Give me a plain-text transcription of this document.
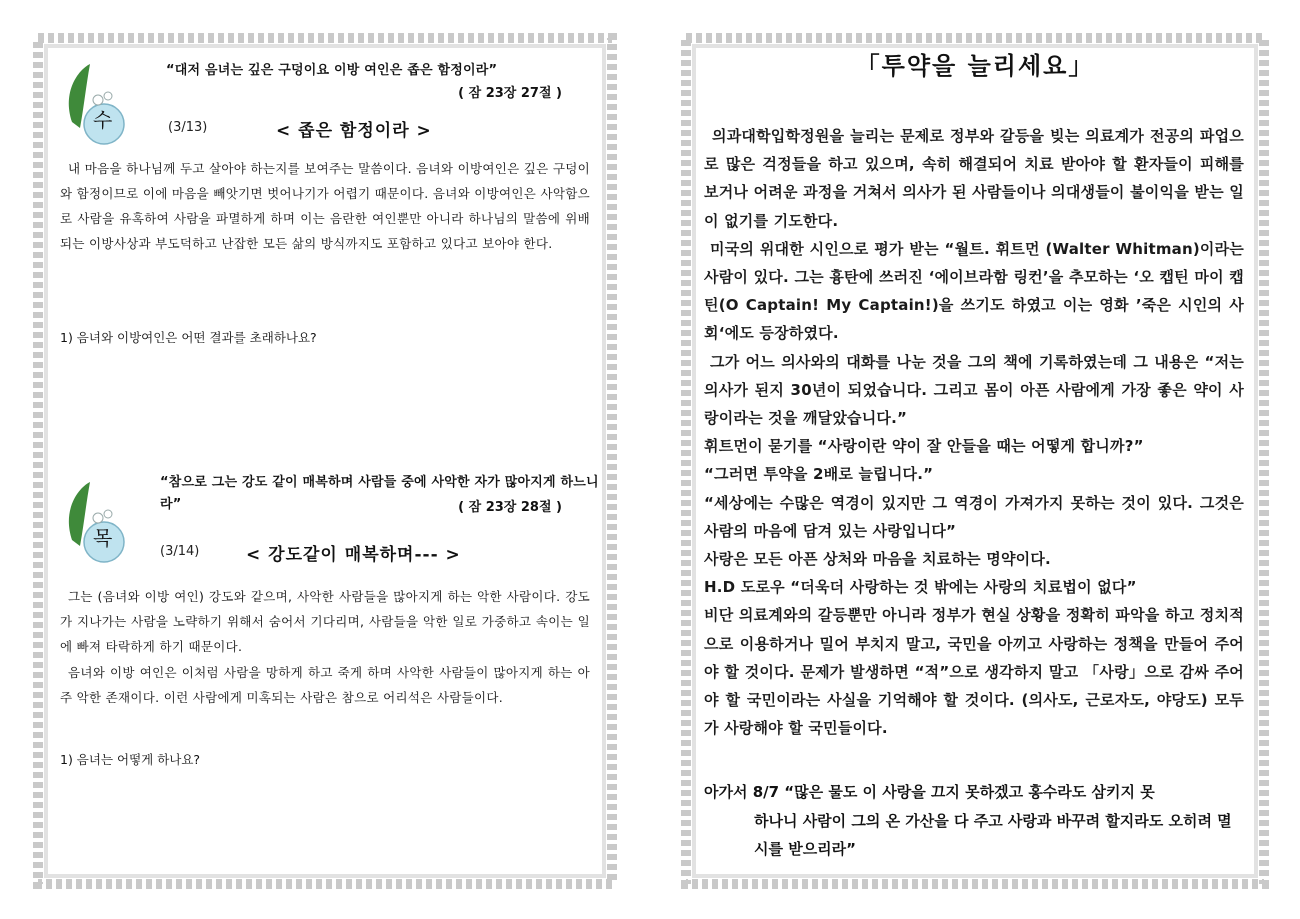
수

“대저 음녀는 깊은 구덩이요 이방 여인은 좁은 함정이라”

( 잠 23장 27절 )

(3/13)	< 좁은 함정이라 >

내 마음을 하나님께 두고 살아야 하는지를 보여주는 말씀이다. 음녀와 이방여인은 깊은 구덩이와 함정이므로 이에 마음을 빼앗기면 벗어나기가 어렵기 때문이다. 음녀와 이방여인은 사악함으로 사람을 유혹하여 사람을 파멸하게 하며 이는 음란한 여인뿐만 아니라 하나님의 말씀에 위배되는 이방사상과 부도덕하고 난잡한 모든 삶의 방식까지도 포함하고 있다고 보아야 한다.

1) 음녀와 이방여인은 어떤 결과를 초래하나요?

목

“참으로 그는 강도 같이 매복하며 사람들 중에 사악한 자가 많아지게 하느니라”	( 잠 23장 28절 )

(3/14)	< 강도같이 매복하며--- >

그는 (음녀와 이방 여인) 강도와 같으며, 사악한 사람들을 많아지게 하는 악한 사람이다. 강도가 지나가는 사람을 노략하기 위해서 숨어서 기다리며, 사람들을 악한 일로 가중하고 속이는 일에 빠져 타락하게 하기 때문이다.

음녀와 이방 여인은 이처럼 사람을 망하게 하고 죽게 하며 사악한 사람들이 많아지게 하는 아주 악한 존재이다. 이런 사람에게 미혹되는 사람은 참으로 어리석은 사람들이다.

1) 음녀는 어떻게 하나요?

「투약을 늘리세요」

의과대학입학정원을 늘리는 문제로 정부와 갈등을 빚는 의료계가 전공의 파업으로 많은 걱정들을 하고 있으며, 속히 해결되어 치료 받아야 할 환자들이 피해를 보거나 어려운 과정을 거쳐서 의사가 된 사람들이나 의대생들이 불이익을 받는 일이 없기를 기도한다.

미국의 위대한 시인으로 평가 받는 “월트. 휘트먼 (Walter Whitman)이라는 사람이 있다. 그는 흉탄에 쓰러진 ‘에이브라함 링컨’을 추모하는 ‘오 캡틴 마이 캡틴(O Captain! My Captain!)을 쓰기도 하였고 이는 영화 ’죽은 시인의 사회‘에도 등장하였다.

그가 어느 의사와의 대화를 나눈 것을 그의 책에 기록하였는데 그 내용은 “저는 의사가 된지 30년이 되었습니다. 그리고 몸이 아픈 사람에게 가장 좋은 약이 사랑이라는 것을 깨달았습니다.”

휘트먼이 묻기를 “사랑이란 약이 잘 안들을 때는 어떻게 합니까?”

“그러면 투약을 2배로 늘립니다.”

“세상에는 수많은 역경이 있지만 그 역경이 가져가지 못하는 것이 있다. 그것은 사람의 마음에 담겨 있는 사랑입니다”

사랑은 모든 아픈 상처와 마음을 치료하는 명약이다.

H.D 도로우 “더욱더 사랑하는 것 밖에는 사랑의 치료법이 없다”

비단 의료계와의 갈등뿐만 아니라 정부가 현실 상황을 정확히 파악을 하고 정치적으로 이용하거나 밀어 부치지 말고, 국민을 아끼고 사랑하는 정책을 만들어 주어야 할 것이다. 문제가 발생하면 “적”으로 생각하지 말고 「사랑」으로 감싸 주어야 할 국민이라는 사실을 기억해야 할 것이다. (의사도, 근로자도, 야당도) 모두가 사랑해야 할 국민들이다.

아가서 8/7 “많은 물도 이 사랑을 끄지 못하겠고 홍수라도 삼키지 못
하나니 사람이 그의 온 가산을 다 주고 사랑과 바꾸려 할지라도 오히려 멸시를 받으리라”
